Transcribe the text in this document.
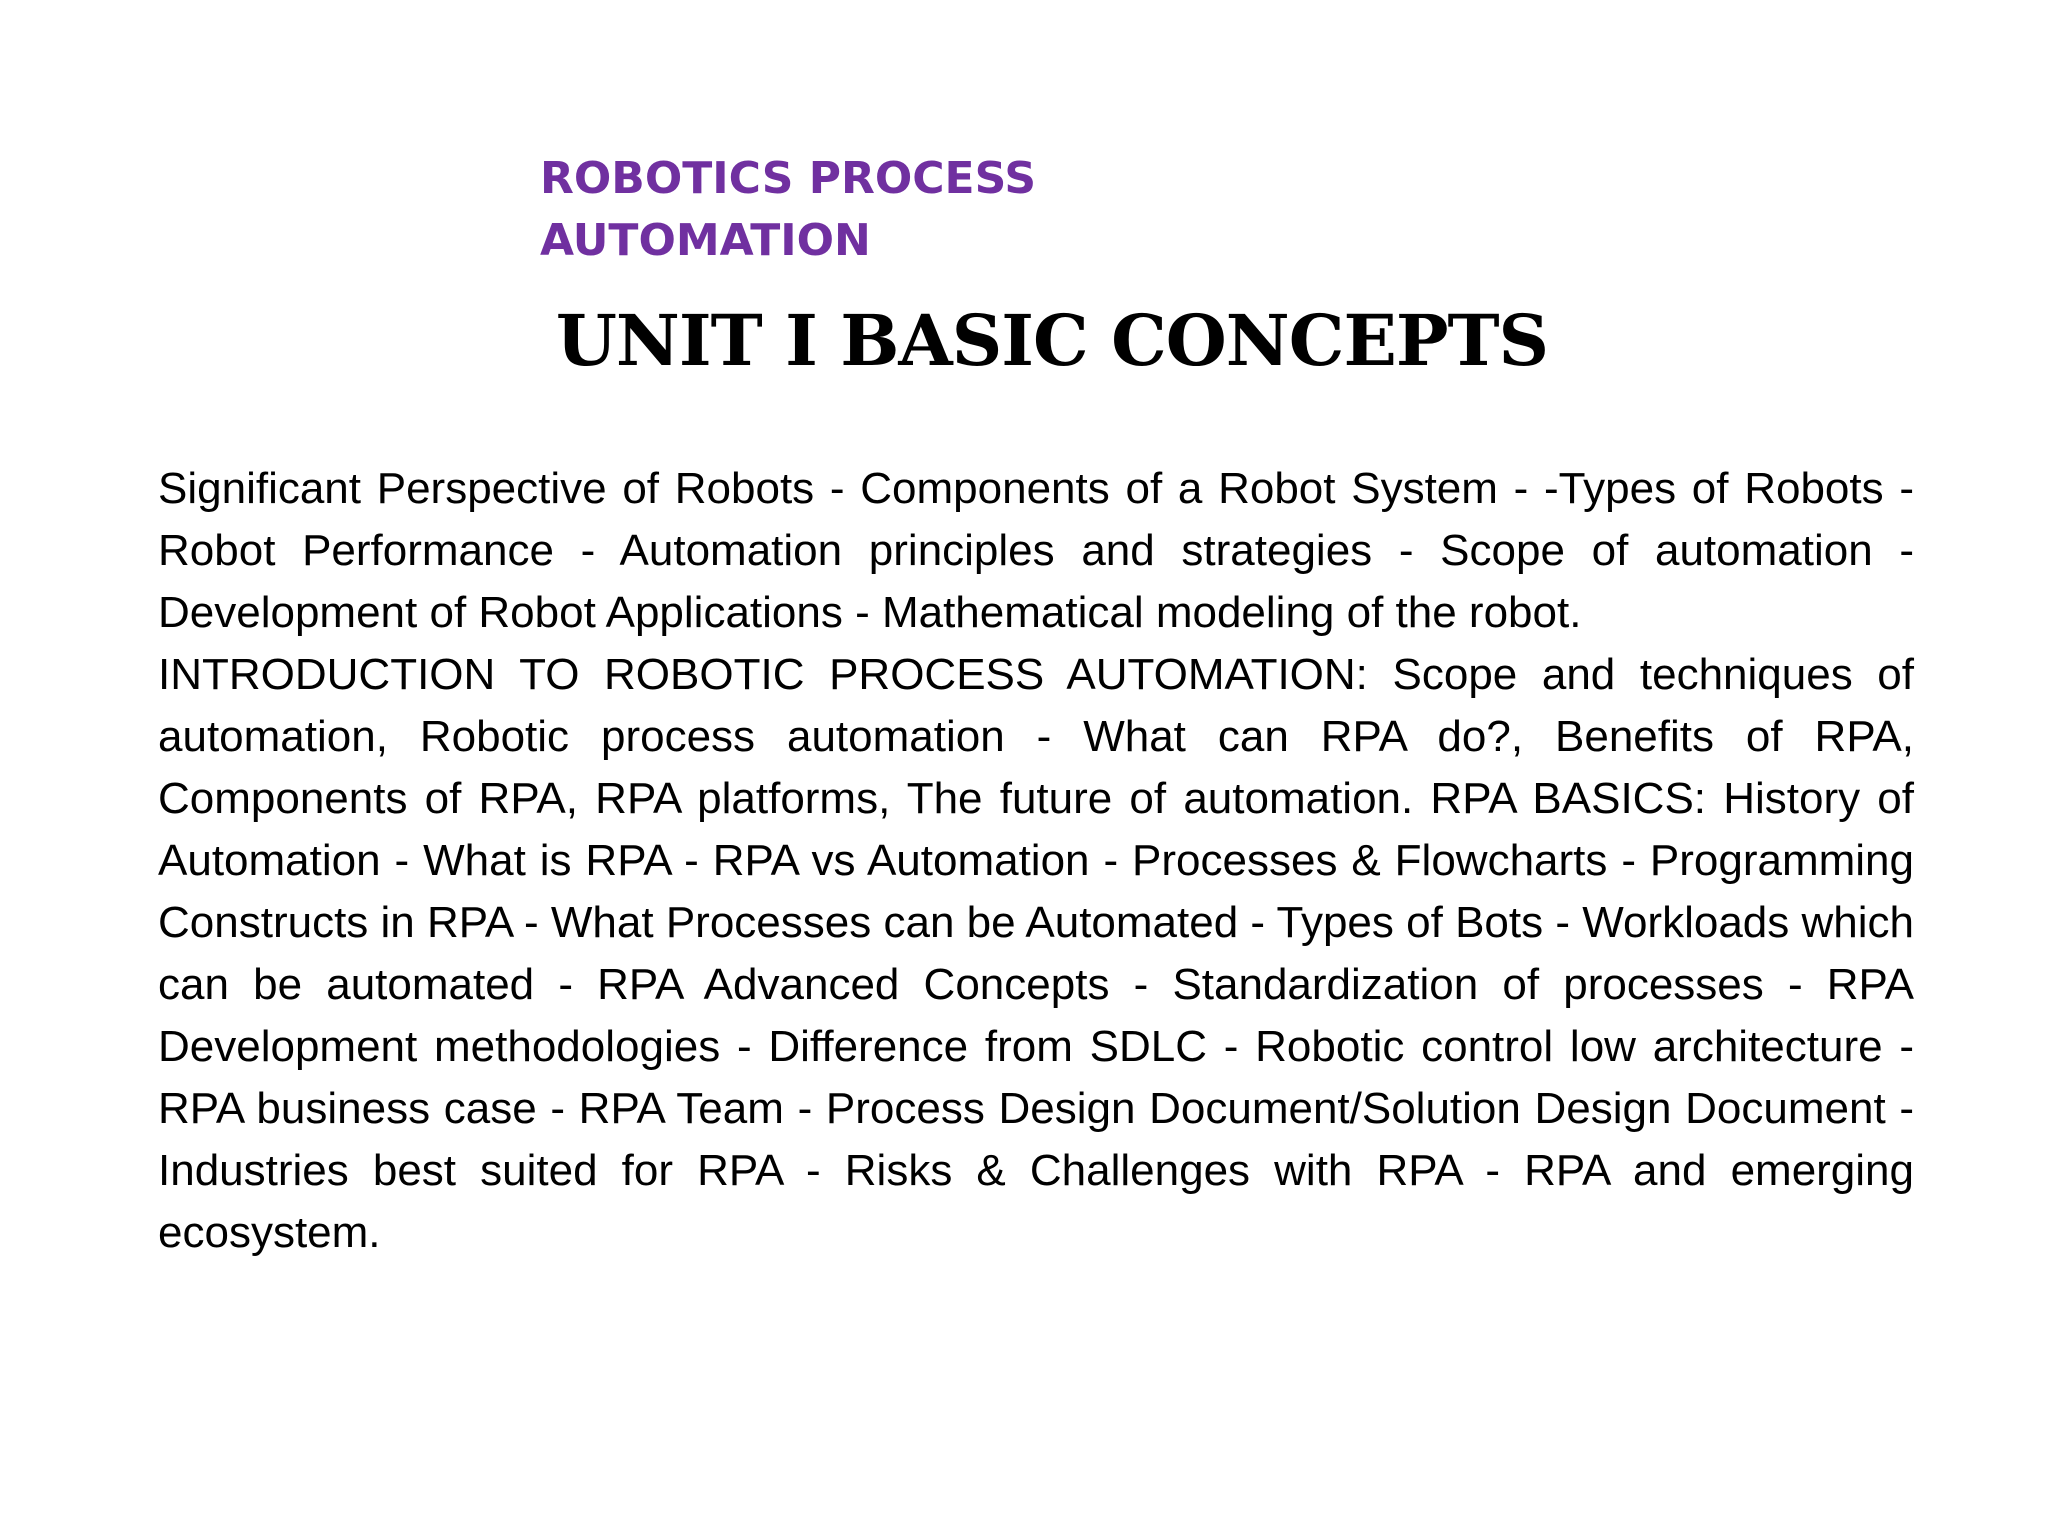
ROBOTICS PROCESS AUTOMATION
UNIT I BASIC CONCEPTS

Significant Perspective of Robots - Components of a Robot System - -Types of Robots - Robot Performance - Automation principles and strategies - Scope of automation - Development of Robot Applications - Mathematical modeling of the robot.

INTRODUCTION TO ROBOTIC PROCESS AUTOMATION: Scope and techniques of automation, Robotic process automation - What can RPA do?, Benefits of RPA, Components of RPA, RPA platforms, The future of automation. RPA BASICS: History of Automation - What is RPA - RPA vs Automation - Processes & Flowcharts - Programming Constructs in RPA - What Processes can be Automated - Types of Bots - Workloads which can be automated - RPA Advanced Concepts - Standardization of processes - RPA Development methodologies - Difference from SDLC - Robotic control low architecture - RPA business case - RPA Team - Process Design Document/Solution Design Document - Industries best suited for RPA - Risks & Challenges with RPA - RPA and emerging ecosystem.
